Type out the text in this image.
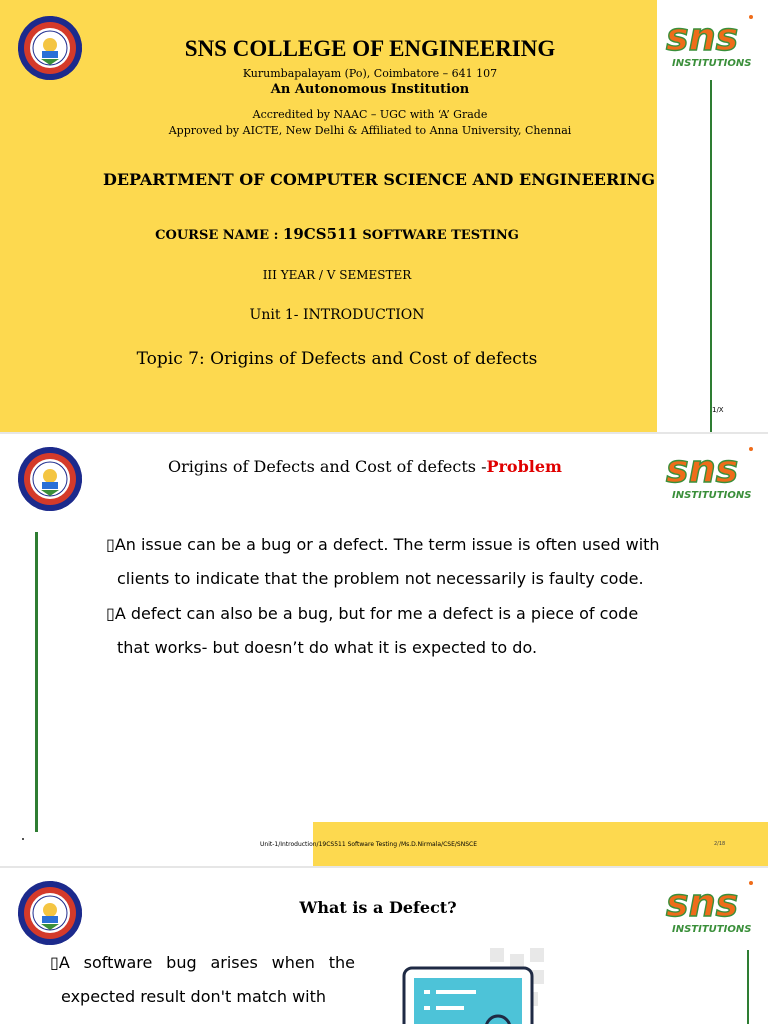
SNS COLLEGE OF ENGINEERING
Kurumbapalayam (Po), Coimbatore – 641 107
An Autonomous Institution
Accredited by NAAC – UGC with ‘A’ Grade
Approved by AICTE, New Delhi & Affiliated to Anna University, Chennai
DEPARTMENT OF COMPUTER SCIENCE AND ENGINEERING
COURSE NAME : 19CS511 SOFTWARE TESTING
III YEAR / V SEMESTER
Unit 1- INTRODUCTION
Topic 7: Origins of Defects and Cost of defects
sns
INSTITUTIONS
1/X
Origins of Defects and Cost of defects -Problem	sns
INSTITUTIONS

▯An issue can be a bug or a defect. The term issue is often used with clients to indicate that the problem not necessarily is faulty code.

▯A defect can also be a bug, but for me a defect is a piece of code that works- but doesn’t do what it is expected to do.

Unit-1/Introduction/19CS511 Software Testing /Ms.D.Nirmala/CSE/SNSCE	2/18
What is a Defect?	sns
INSTITUTIONS

▯A software bug arises when the expected result don't match with
